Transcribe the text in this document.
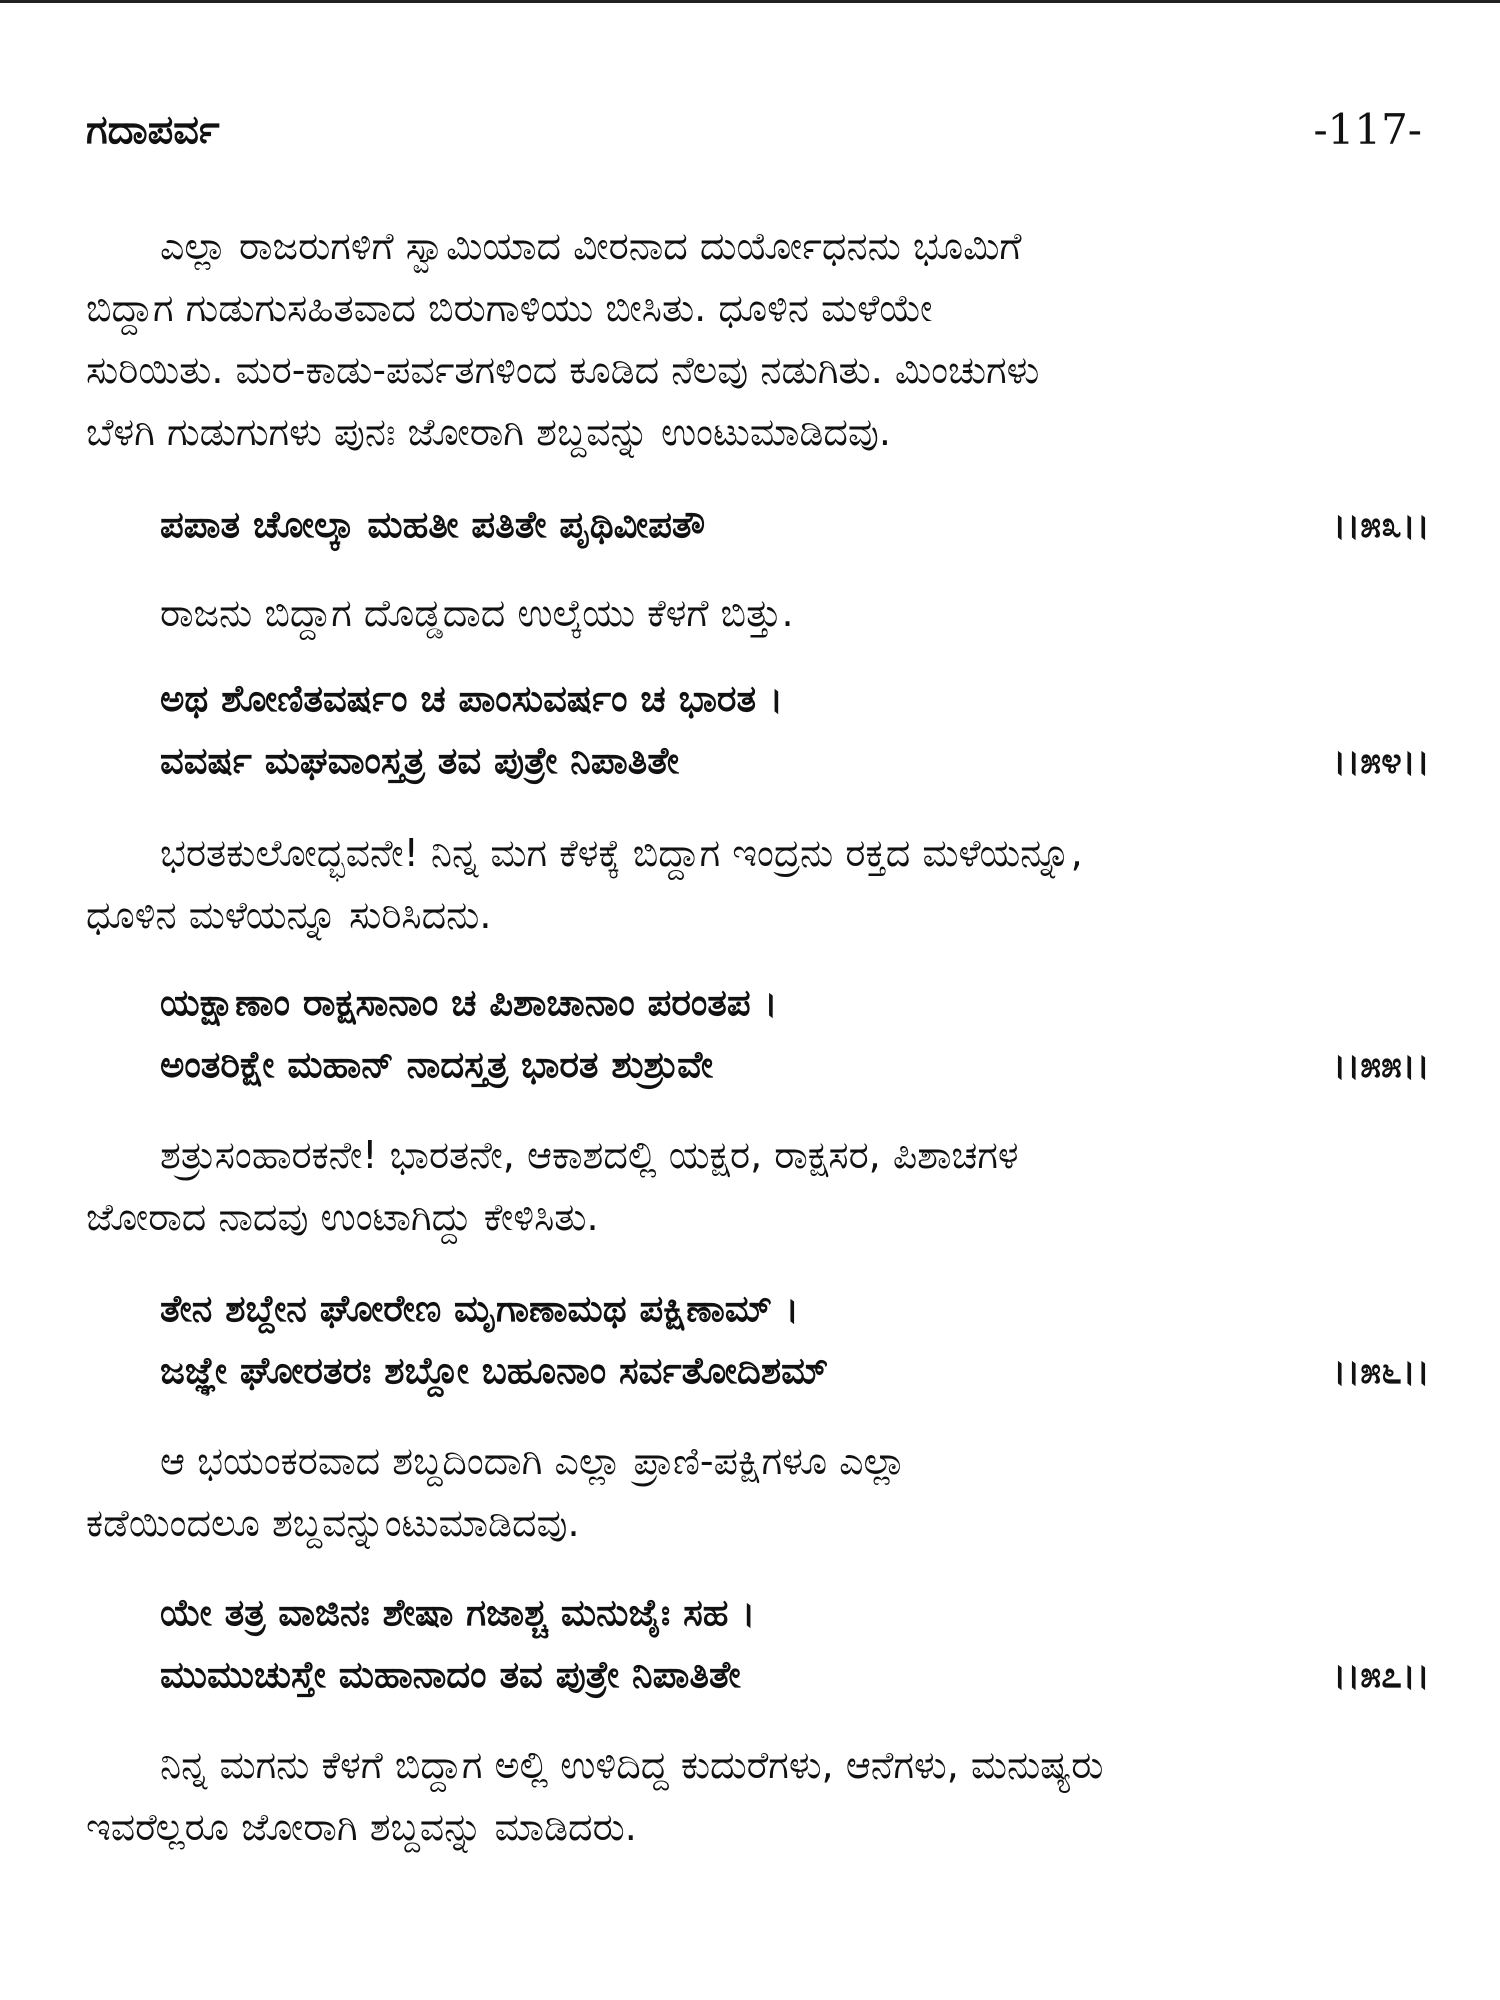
ಗದಾಪರ್ವ	-117-
ಎಲ್ಲಾ ರಾಜರುಗಳಿಗೆ ಸ್ವಾಮಿಯಾದ ವೀರನಾದ ದುರ್ಯೋಧನನು ಭೂಮಿಗೆ
ಬಿದ್ದಾಗ ಗುಡುಗುಸಹಿತವಾದ ಬಿರುಗಾಳಿಯು ಬೀಸಿತು. ಧೂಳಿನ ಮಳೆಯೇ
ಸುರಿಯಿತು. ಮರ-ಕಾಡು-ಪರ್ವತಗಳಿಂದ ಕೂಡಿದ ನೆಲವು ನಡುಗಿತು. ಮಿಂಚುಗಳು
ಬೆಳಗಿ ಗುಡುಗುಗಳು ಪುನಃ ಜೋರಾಗಿ ಶಬ್ದವನ್ನು ಉಂಟುಮಾಡಿದವು.
ಪಪಾತ ಚೋಲ್ಕಾ ಮಹತೀ ಪತಿತೇ ಪೃಥಿವೀಪತೌ	।।೫೩।।
ರಾಜನು ಬಿದ್ದಾಗ ದೊಡ್ಡದಾದ ಉಲ್ಕೆಯು ಕೆಳಗೆ ಬಿತ್ತು.
ಅಥ ಶೋಣಿತವರ್ಷಂ ಚ ಪಾಂಸುವರ್ಷಂ ಚ ಭಾರತ ।
ವವರ್ಷ ಮಘವಾಂಸ್ತತ್ರ ತವ ಪುತ್ರೇ ನಿಪಾತಿತೇ	।।೫೪।।
ಭರತಕುಲೋದ್ಭವನೇ! ನಿನ್ನ ಮಗ ಕೆಳಕ್ಕೆ ಬಿದ್ದಾಗ ಇಂದ್ರನು ರಕ್ತದ ಮಳೆಯನ್ನೂ,
ಧೂಳಿನ ಮಳೆಯನ್ನೂ ಸುರಿಸಿದನು.
ಯಕ್ಷಾಣಾಂ ರಾಕ್ಷಸಾನಾಂ ಚ ಪಿಶಾಚಾನಾಂ ಪರಂತಪ ।
ಅಂತರಿಕ್ಷೇ ಮಹಾನ್ ನಾದಸ್ತತ್ರ ಭಾರತ ಶುಶ್ರುವೇ	।।೫೫।।
ಶತ್ರುಸಂಹಾರಕನೇ! ಭಾರತನೇ, ಆಕಾಶದಲ್ಲಿ ಯಕ್ಷರ, ರಾಕ್ಷಸರ, ಪಿಶಾಚಗಳ
ಜೋರಾದ ನಾದವು ಉಂಟಾಗಿದ್ದು ಕೇಳಿಸಿತು.
ತೇನ ಶಬ್ದೇನ ಘೋರೇಣ ಮೃಗಾಣಾಮಥ ಪಕ್ಷಿಣಾಮ್ ।
ಜಜ್ಞೇ ಘೋರತರಃ ಶಬ್ದೋ ಬಹೂನಾಂ ಸರ್ವತೋದಿಶಮ್	।।೫೬।।
ಆ ಭಯಂಕರವಾದ ಶಬ್ದದಿಂದಾಗಿ ಎಲ್ಲಾ ಪ್ರಾಣಿ-ಪಕ್ಷಿಗಳೂ ಎಲ್ಲಾ
ಕಡೆಯಿಂದಲೂ ಶಬ್ದವನ್ನುಂಟುಮಾಡಿದವು.
ಯೇ ತತ್ರ ವಾಜಿನಃ ಶೇಷಾ ಗಜಾಶ್ಚ ಮನುಜೈಃ ಸಹ ।
ಮುಮುಚುಸ್ತೇ ಮಹಾನಾದಂ ತವ ಪುತ್ರೇ ನಿಪಾತಿತೇ	।।೫೭।।
ನಿನ್ನ ಮಗನು ಕೆಳಗೆ ಬಿದ್ದಾಗ ಅಲ್ಲಿ ಉಳಿದಿದ್ದ ಕುದುರೆಗಳು, ಆನೆಗಳು, ಮನುಷ್ಯರು
ಇವರೆಲ್ಲರೂ ಜೋರಾಗಿ ಶಬ್ದವನ್ನು ಮಾಡಿದರು.
